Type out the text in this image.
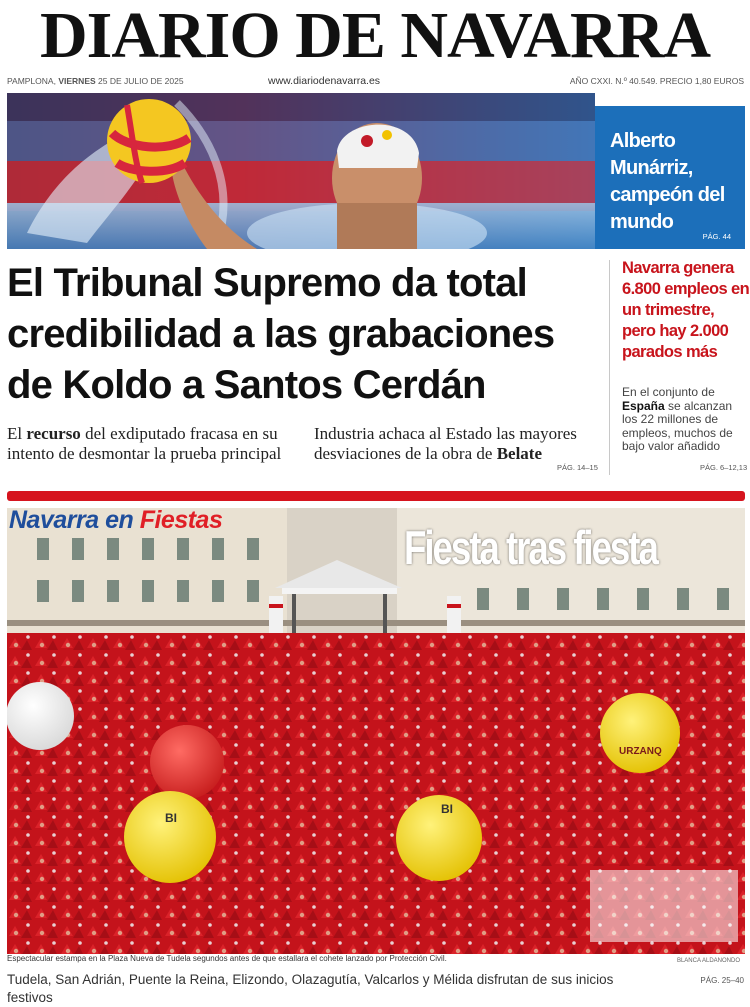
DIARIO DE NAVARRA
PAMPLONA, VIERNES 25 DE JULIO DE 2025	www.diariodenavarra.es	AÑO CXXI. N.º 40.549. PRECIO 1,80 EUROS
Alberto Munárriz, campeón del mundo
PÁG. 44
El Tribunal Supremo da total credibilidad a las grabaciones de Koldo a Santos Cerdán
El recurso del exdiputado fracasa en su intento de desmontar la prueba principal
Industria achaca al Estado las mayores desviaciones de la obra de Belate
PÁG. 14–15
Navarra genera 6.800 empleos en un trimestre, pero hay 2.000 parados más
En el conjunto de España se alcanzan los 22 millones de empleos, muchos de bajo valor añadido
PÁG. 6–12,13
URZANQ
BI
BI
Navarra en Fiestas
Fiesta tras fiesta
Espectacular estampa en la Plaza Nueva de Tudela segundos antes de que estallara el cohete lanzado por Protección Civil.	BLANCA ALDANONDO
Tudela, San Adrián, Puente la Reina, Elizondo, Olazagutía, Valcarlos y Mélida disfrutan de sus inicios festivos
PÁG. 25–40
